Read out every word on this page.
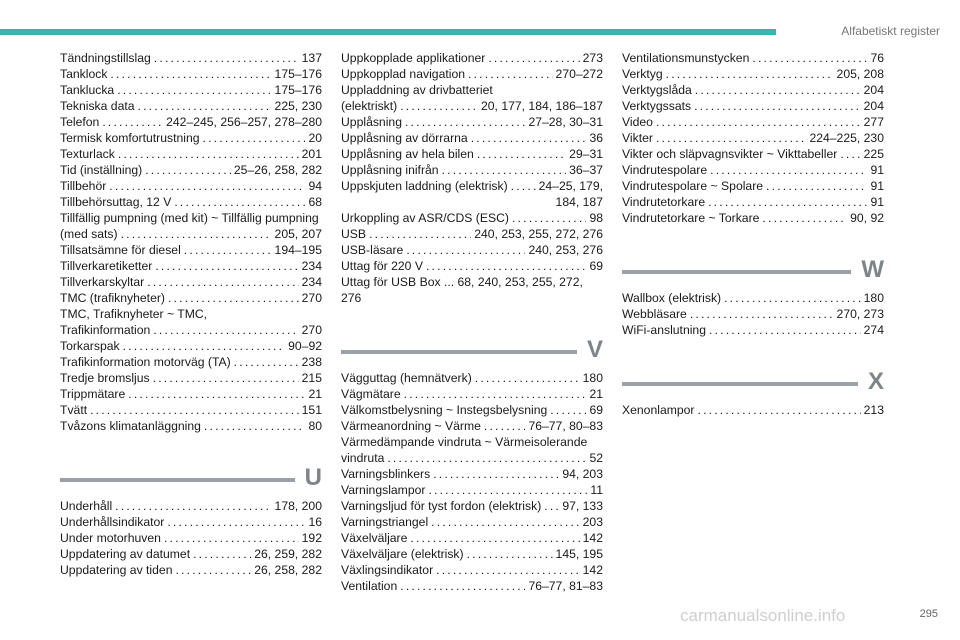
Alfabetiskt register
Tändningstillslag . . .	137
Tanklock . . .	175–176
Tanklucka . . .	175–176
Tekniska data . . .	225, 230
Telefon . . .	242–245, 256–257, 278–280
Termisk komfortutrustning . . .	20
Texturlack . . .	201
Tid (inställning) . . .	25–26, 258, 282
Tillbehör . . .	94
Tillbehörsuttag, 12 V . . .	68
Tillfällig pumpning (med kit) ~ Tillfällig pumpning
(med sats) . . .	205, 207
Tillsatsämne för diesel . . .	194–195
Tillverkaretiketter . . .	234
Tillverkarskyltar . . .	234
TMC (trafiknyheter) . . .	270
TMC, Trafiknyheter ~ TMC,
Trafikinformation . . .	270
Torkarspak . . .	90–92
Trafikinformation motorväg (TA) . . .	238
Tredje bromsljus . . .	215
Trippmätare . . .	21
Tvätt . . .	151
Tvåzons klimatanläggning . . .	80
U
Underhåll . . .	178, 200
Underhållsindikator . . .	16
Under motorhuven . . .	192
Uppdatering av datumet . . .	26, 259, 282
Uppdatering av tiden . . .	26, 258, 282
Uppkopplade applikationer . . .	273
Uppkopplad navigation . . .	270–272
Uppladdning av drivbatteriet
(elektriskt) . . .	20, 177, 184, 186–187
Upplåsning . . .	27–28, 30–31
Upplåsning av dörrarna . . .	36
Upplåsning av hela bilen . . .	29–31
Upplåsning inifrån . . .	36–37
Uppskjuten laddning (elektrisk) . . .	24–25, 179,
184, 187
Urkoppling av ASR/CDS (ESC) . . .	98
USB . . .	240, 253, 255, 272, 276
USB-läsare . . .	240, 253, 276
Uttag för 220 V . . .	69
Uttag för USB Box ... 68, 240, 253, 255, 272, 276
V
Vägguttag (hemnätverk) . . .	180
Vägmätare . . .	21
Välkomstbelysning ~ Instegsbelysning . . .	69
Värmeanordning ~ Värme . . .	76–77, 80–83
Värmedämpande vindruta ~ Värmeisolerande
vindruta . . .	52
Varningsblinkers . . .	94, 203
Varningslampor . . .	11
Varningsljud för tyst fordon (elektrisk) . . . 97, 133
Varningstriangel . . .	203
Växelväljare . . .	142
Växelväljare (elektrisk) . . .	145, 195
Växlingsindikator . . .	142
Ventilation . . .	76–77, 81–83
Ventilationsmunstycken . . .	76
Verktyg . . .	205, 208
Verktygslåda . . .	204
Verktygssats . . .	204
Video . . .	277
Vikter . . .	224–225, 230
Vikter och släpvagnsvikter ~ Vikttabeller . . . 225
Vindrutespolare . . .	91
Vindrutespolare ~ Spolare . . .	91
Vindrutetorkare . . .	91
Vindrutetorkare ~ Torkare . . .	90, 92
W
Wallbox (elektrisk) . . .	180
Webbläsare . . .	270, 273
WiFi-anslutning . . .	274
X
Xenonlampor . . .	213
carmanualsonline.info	295
